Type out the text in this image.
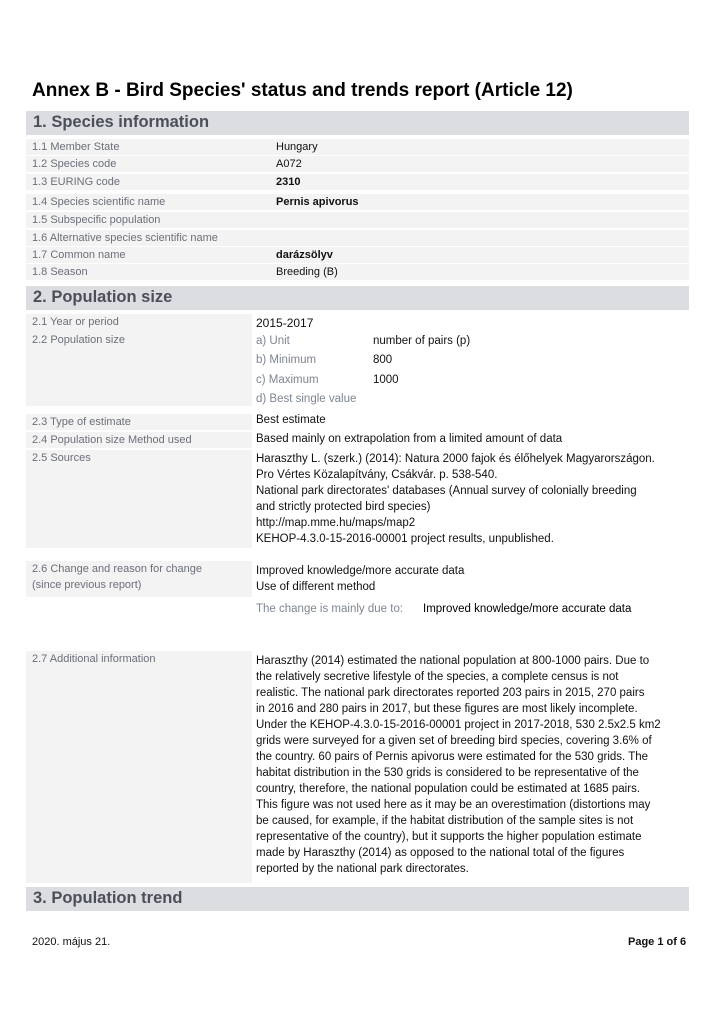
Annex B - Bird Species' status and trends report (Article 12)
1. Species information
1.1 Member State	Hungary
1.2 Species code	A072
1.3 EURING code	2310
1.4 Species scientific name	Pernis apivorus
1.5 Subspecific population
1.6 Alternative species scientific name
1.7 Common name	darázsölyv
1.8 Season	Breeding (B)
2. Population size
2.1 Year or period	2015-2017
2.2 Population size	a) Unit	number of pairs (p)
b) Minimum	800
c) Maximum	1000
d) Best single value
2.3 Type of estimate	Best estimate
2.4 Population size Method used	Based mainly on extrapolation from a limited amount of data
2.5 Sources	Haraszthy L. (szerk.) (2014): Natura 2000 fajok és élőhelyek Magyarországon.
Pro Vértes Közalapítvány, Csákvár. p. 538-540.
National park directorates' databases (Annual survey of colonially breeding
and strictly protected bird species)
http://map.mme.hu/maps/map2
KEHOP-4.3.0-15-2016-00001 project results, unpublished.
2.6 Change and reason for change
(since previous report)
Improved knowledge/more accurate data
Use of different method
The change is mainly due to: Improved knowledge/more accurate data
2.7 Additional information	Haraszthy (2014) estimated the national population at 800-1000 pairs. Due to
the relatively secretive lifestyle of the species, a complete census is not
realistic. The national park directorates reported 203 pairs in 2015, 270 pairs
in 2016 and 280 pairs in 2017, but these figures are most likely incomplete.
Under the KEHOP-4.3.0-15-2016-00001 project in 2017-2018, 530 2.5x2.5 km2
grids were surveyed for a given set of breeding bird species, covering 3.6% of
the country. 60 pairs of Pernis apivorus were estimated for the 530 grids. The
habitat distribution in the 530 grids is considered to be representative of the
country, therefore, the national population could be estimated at 1685 pairs.
This figure was not used here as it may be an overestimation (distortions may
be caused, for example, if the habitat distribution of the sample sites is not
representative of the country), but it supports the higher population estimate
made by Haraszthy (2014) as opposed to the national total of the figures
reported by the national park directorates.
3. Population trend
2020. május 21.	Page 1 of 6
